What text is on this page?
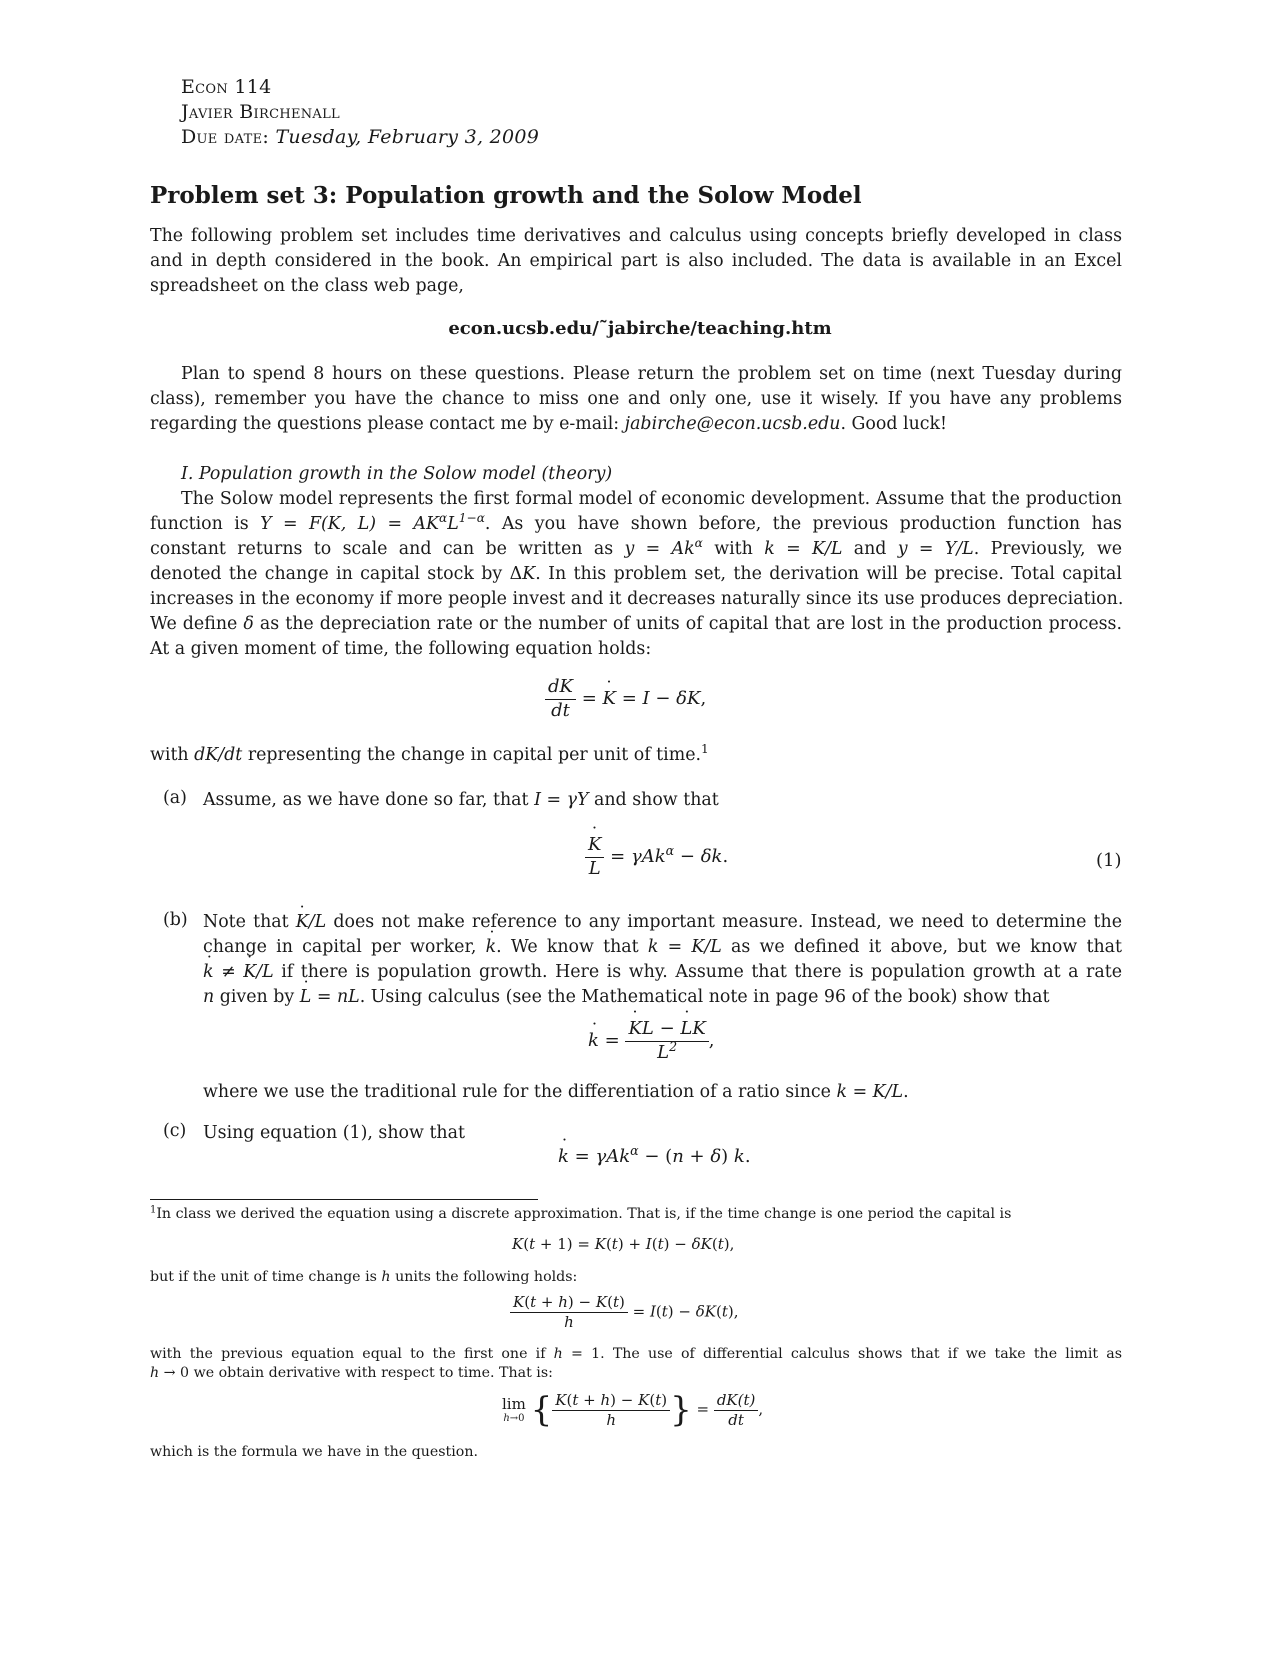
Econ 114
Javier Birchenall
Due date: Tuesday, February 3, 2009
Problem set 3: Population growth and the Solow Model
The following problem set includes time derivatives and calculus using concepts briefly developed in class
and in depth considered in the book. An empirical part is also included. The data is available in an Excel
spreadsheet on the class web page,
econ.ucsb.edu/˜jabirche/teaching.htm
Plan to spend 8 hours on these questions. Please return the problem set on time (next Tuesday during
class), remember you have the chance to miss one and only one, use it wisely. If you have any problems
regarding the questions please contact me by e-mail: jabirche@econ.ucsb.edu. Good luck!
I. Population growth in the Solow model (theory)
The Solow model represents the first formal model of economic development. Assume that the production
function is Y = F(K, $L) = AK^\alpha L^{1-\alpha}$. As you have shown before, the previous production function has
constant returns to scale and can be written as $y = Ak^\alpha$ with k = K/L and y = Y/L. Previously, we
denoted the change in capital stock by ΔK. In this problem set, the derivation will be precise. Total capital
increases in the economy if more people invest and it decreases naturally since its use produces depreciation.
We define δ as the depreciation rate or the number of units of capital that are lost in the production process.
At a given moment of time, the following equation holds:
$\frac{dK}{dt}$ = ˙ K = I − δK,
with dK/dt representing the change in capital per unit of time.$^1$
(a) Assume, as we have done so far, that I = γY and show that
˙ $\frac{K}{L} = \gamma Ak^\alpha - \delta k$.	(1)
(b) Note that ˙ K/L does not make reference to any important measure. Instead, we need to determine the
change in capital per worker, ˙ k. We know that k = K/L as we defined it above, but we know that
˙ k ≠ ˙ K/L if there is population growth. Here is why. Assume that there is population growth at a rate
n given by ˙ L = nL. Using calculus (see the Mathematical note in page 96 of the book) show that
˙ k = ˙ $\frac{KL - ˙ LK}{L^2}$ ,
where we use the traditional rule for the differentiation of a ratio since k = K/L.
(c) Using equation (1), show that
˙ k = γAk$^\alpha$ − (n + δ) k.
$^1$In class we derived the equation using a discrete approximation. That is, if the time change is one period the capital is
K(t + 1) = K(t) + I(t) − δK(t),
but if the unit of time change is h units the following holds:
$\frac{K(t + h) - K(t)}{h} = I(t) - \delta K(t)$,
with the previous equation equal to the first one if h = 1. The use of differential calculus shows that if we take the limit as
h → 0 we obtain derivative with respect to time. That is:
lim
h→0 { $\frac{K(t + h) - K(t)}{h}$ } = $\frac{dK(t)}{dt}$ ,
which is the formula we have in the question.
